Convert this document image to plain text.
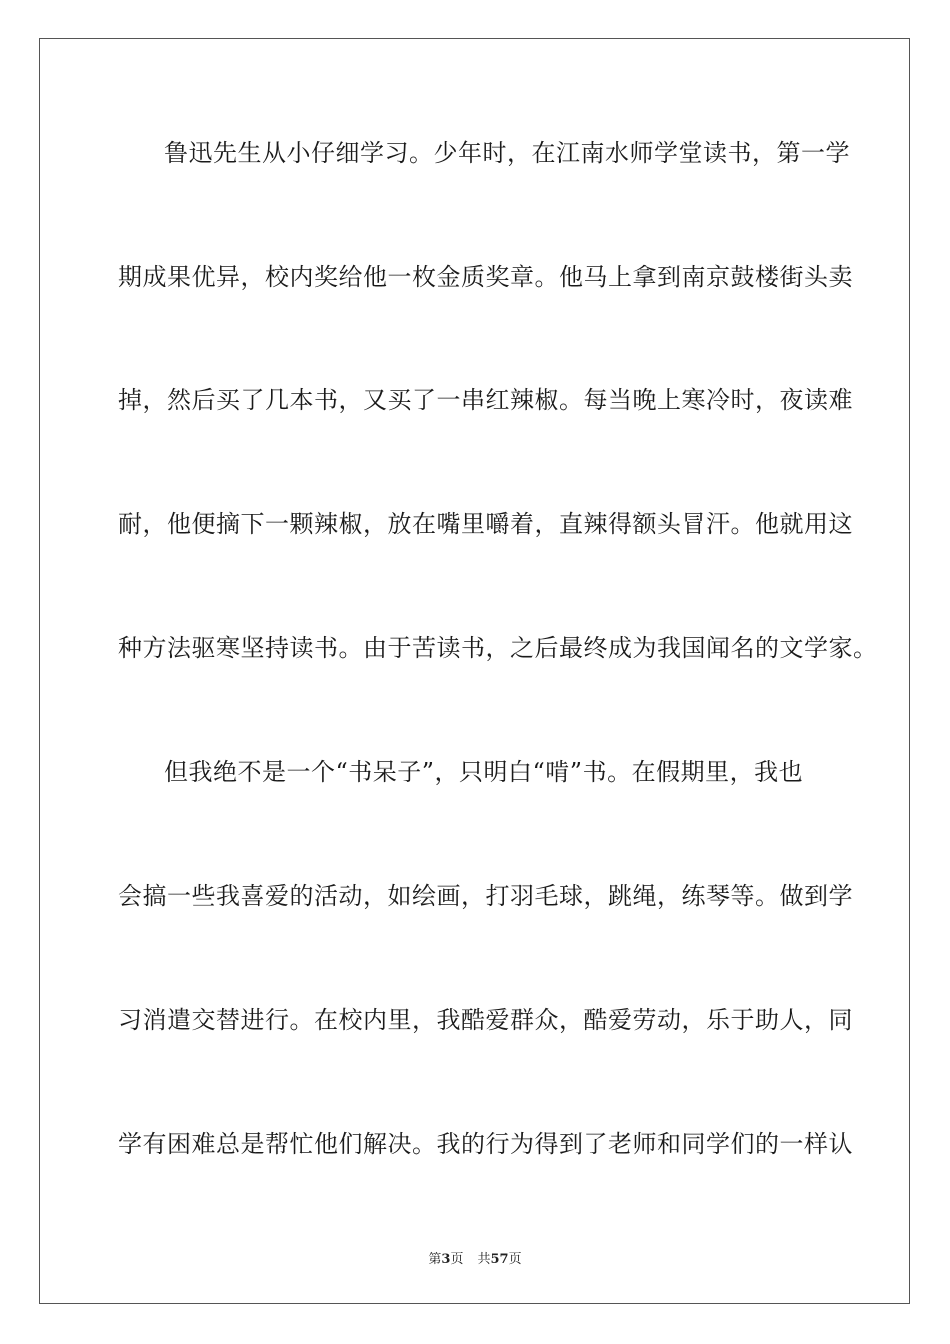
鲁迅先生从小仔细学习。少年时，在江南水师学堂读书，第一学
期成果优异，校内奖给他一枚金质奖章。他马上拿到南京鼓楼街头卖
掉，然后买了几本书，又买了一串红辣椒。每当晚上寒冷时，夜读难
耐，他便摘下一颗辣椒，放在嘴里嚼着，直辣得额头冒汗。他就用这
种方法驱寒坚持读书。由于苦读书，之后最终成为我国闻名的文学家。
但我绝不是一个“书呆子”，只明白“啃”书。在假期里，我也
会搞一些我喜爱的活动，如绘画，打羽毛球，跳绳，练琴等。做到学
习消遣交替进行。在校内里，我酷爱群众，酷爱劳动，乐于助人，同
学有困难总是帮忙他们解决。我的行为得到了老师和同学们的一样认
第3页 共57页
